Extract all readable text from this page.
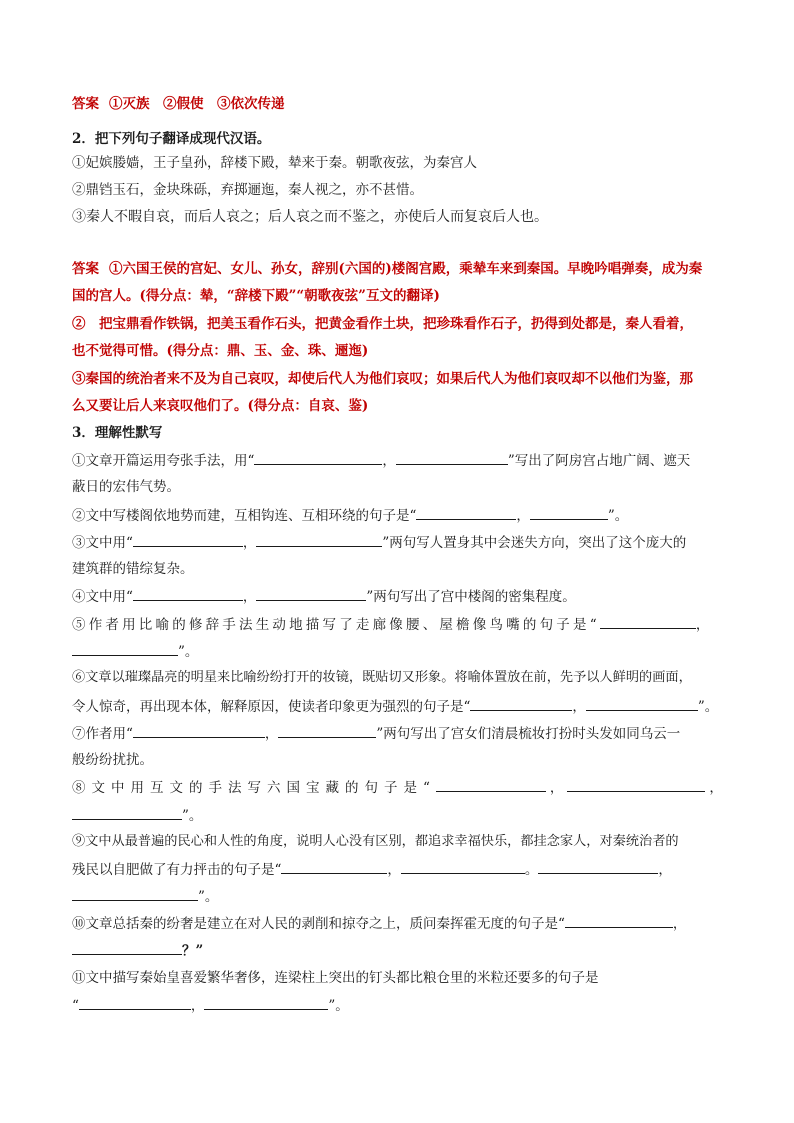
答案 ①灭族　②假使　③依次传递
2．把下列句子翻译成现代汉语。
①妃嫔媵嫱，王子皇孙，辞楼下殿，辇来于秦。朝歌夜弦，为秦宫人
②鼎铛玉石，金块珠砾，弃掷逦迤，秦人视之，亦不甚惜。
③秦人不暇自哀，而后人哀之；后人哀之而不鉴之，亦使后人而复哀后人也。
答案 ①六国王侯的宫妃、女儿、孙女，辞别(六国的)楼阁宫殿，乘辇车来到秦国。早晚吟唱弹奏，成为秦
国的宫人。(得分点：辇，“辞楼下殿”“朝歌夜弦”互文的翻译)
②　把宝鼎看作铁锅，把美玉看作石头，把黄金看作土块，把珍珠看作石子，扔得到处都是，秦人看着，
也不觉得可惜。(得分点：鼎、玉、金、珠、逦迤)
③秦国的统治者来不及为自己哀叹，却使后代人为他们哀叹；如果后代人为他们哀叹却不以他们为鉴，那
么又要让后人来哀叹他们了。(得分点：自哀、鉴)
3．理解性默写
①文章开篇运用夸张手法，用“	，	”写出了阿房宫占地广阔、遮天
蔽日的宏伟气势。
②文中写楼阁依地势而建，互相钩连、互相环绕的句子是“	，	”。
③文中用“	，	”两句写人置身其中会迷失方向，突出了这个庞大的
建筑群的错综复杂。
④文中用“	，	”两句写出了宫中楼阁的密集程度。
⑤作者用比喻的修辞手法生动地描写了走廊像腰、屋檐像鸟嘴的句子是“	，
”。
⑥文章以璀璨晶亮的明星来比喻纷纷打开的妆镜，既贴切又形象。将喻体置放在前，先予以人鲜明的画面，
令人惊奇，再出现本体，解释原因，使读者印象更为强烈的句子是“	，	”。
⑦作者用“	，	”两句写出了宫女们清晨梳妆打扮时头发如同乌云一
般纷纷扰扰。
⑧文中用互文的手法写六国宝藏的句子是“	，	，
”。
⑨文中从最普遍的民心和人性的角度，说明人心没有区别，都追求幸福快乐，都挂念家人，对秦统治者的
残民以自肥做了有力抨击的句子是“	，	。	，
”。
⑩文章总括秦的纷奢是建立在对人民的剥削和掠夺之上，质问秦挥霍无度的句子是“	，
？”
⑪文中描写秦始皇喜爱繁华奢侈，连梁柱上突出的钉头都比粮仓里的米粒还要多的句子是
“	，	”。
